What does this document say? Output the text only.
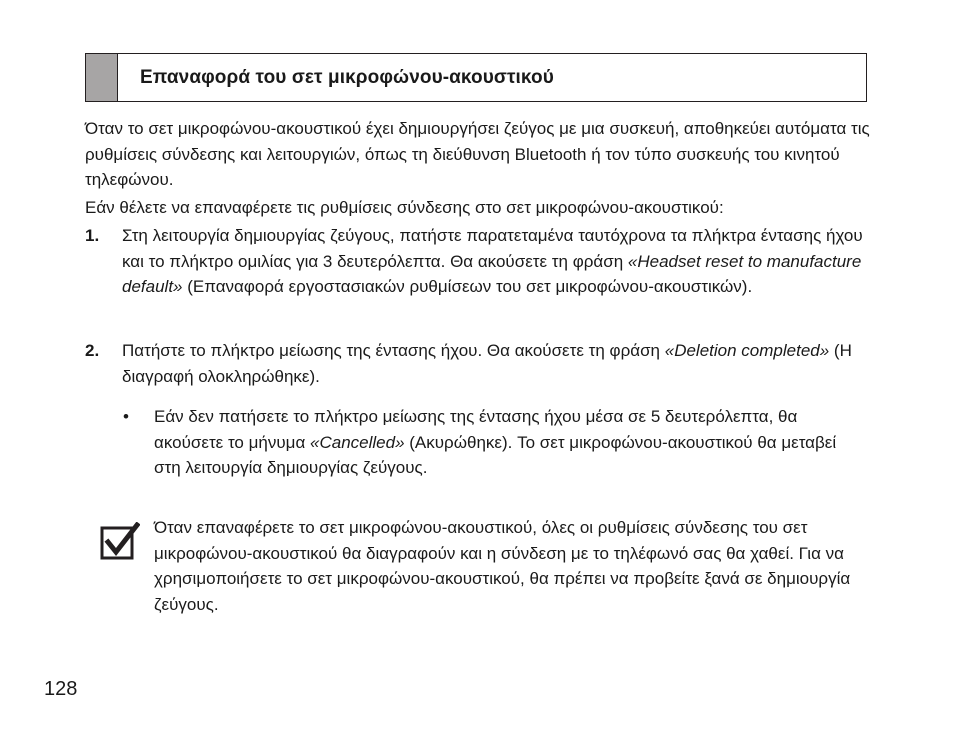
Επαναφορά του σετ μικροφώνου-ακουστικού
Όταν το σετ μικροφώνου-ακουστικού έχει δημιουργήσει ζεύγος με μια συσκευή, αποθηκεύει αυτόματα τις ρυθμίσεις σύνδεσης και λειτουργιών, όπως τη διεύθυνση Bluetooth ή τον τύπο συσκευής του κινητού τηλεφώνου.
Εάν θέλετε να επαναφέρετε τις ρυθμίσεις σύνδεσης στο σετ μικροφώνου-ακουστικού:
1. Στη λειτουργία δημιουργίας ζεύγους, πατήστε παρατεταμένα ταυτόχρονα τα πλήκτρα έντασης ήχου και το πλήκτρο ομιλίας για 3 δευτερόλεπτα. Θα ακούσετε τη φράση «Headset reset to manufacture default» (Επαναφορά εργοστασιακών ρυθμίσεων του σετ μικροφώνου-ακουστικών).
2. Πατήστε το πλήκτρο μείωσης της έντασης ήχου. Θα ακούσετε τη φράση «Deletion completed» (Η διαγραφή ολοκληρώθηκε).
• Εάν δεν πατήσετε το πλήκτρο μείωσης της έντασης ήχου μέσα σε 5 δευτερόλεπτα, θα ακούσετε το μήνυμα «Cancelled» (Ακυρώθηκε). Το σετ μικροφώνου-ακουστικού θα μεταβεί στη λειτουργία δημιουργίας ζεύγους.
Όταν επαναφέρετε το σετ μικροφώνου-ακουστικού, όλες οι ρυθμίσεις σύνδεσης του σετ μικροφώνου-ακουστικού θα διαγραφούν και η σύνδεση με το τηλέφωνό σας θα χαθεί. Για να χρησιμοποιήσετε το σετ μικροφώνου-ακουστικού, θα πρέπει να προβείτε ξανά σε δημιουργία ζεύγους.
128
